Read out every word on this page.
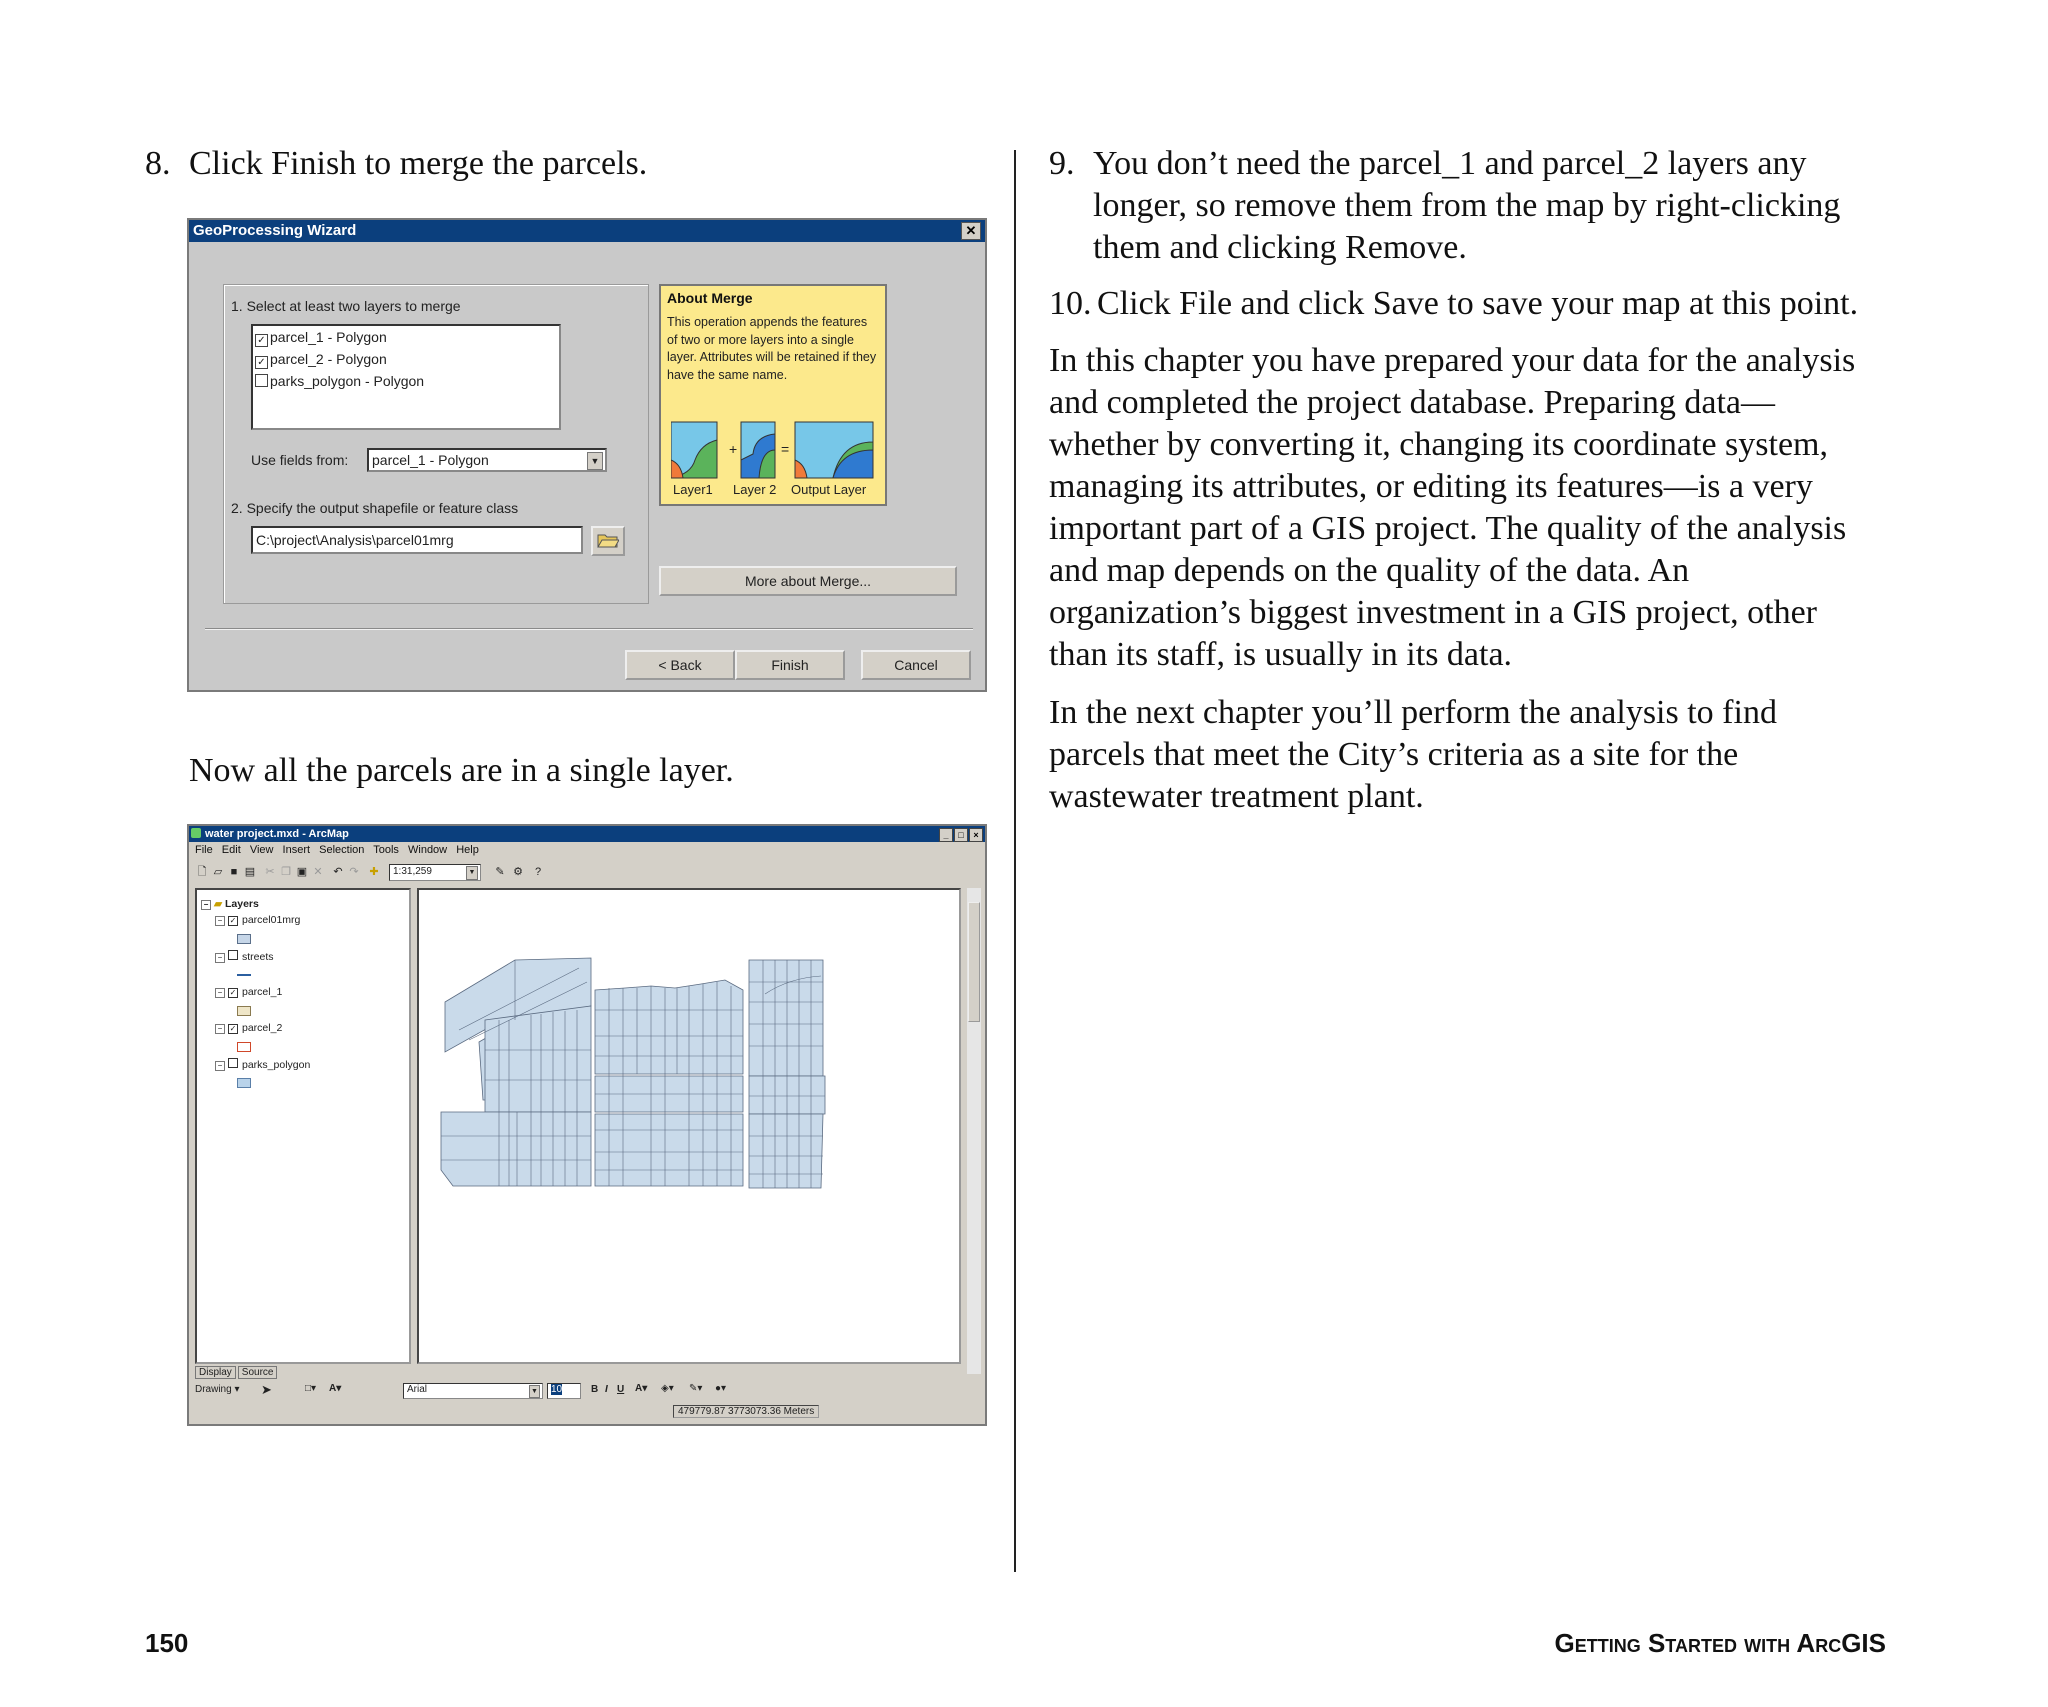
8. Click Finish to merge the parcels.
GeoProcessing Wizard	✕
1. Select at least two layers to merge
✓ parcel_1 - Polygon
✓ parcel_2 - Polygon
parks_polygon - Polygon
Use fields from:	parcel_1 - Polygon	▼
2. Specify the output shapefile or feature class
C:\project\Analysis\parcel01mrg
About Merge
This operation appends the features of two or more layers into a single layer. Attributes will be retained if they have the same name.
+	=
Layer1 Layer 2 Output Layer
More about Merge...
< Back	Finish	Cancel
Now all the parcels are in a single layer.
water project.mxd - ArcMap	_ □ ×
File Edit View Insert Selection Tools Window Help
🗋 ▱ ■ ▤ ✂ ❐ ▣ ✕ ↶ ↷ ✚	1:31,259	▼ ✎ ⚙	?
− ▰ Layers
− ✓ parcel01mrg
− streets
− ✓ parcel_1
− ✓ parcel_2
− parks_polygon
Display Source
Drawing ▾ ➤	□▾ A▾	Arial	▼	10	B I U A▾ ◈▾ ✎▾ ●▾
479779.87 3773073.36 Meters
9. You don’t need the parcel_1 and parcel_2 layers any
longer, so remove them from the map by right-clicking
them and clicking Remove.
10. Click File and click Save to save your map at this point.
In this chapter you have prepared your data for the analysis
and completed the project database. Preparing data—
whether by converting it, changing its coordinate system,
managing its attributes, or editing its features—is a very
important part of a GIS project. The quality of the analysis
and map depends on the quality of the data. An
organization’s biggest investment in a GIS project, other
than its staff, is usually in its data.
In the next chapter you’ll perform the analysis to find
parcels that meet the City’s criteria as a site for the
wastewater treatment plant.
150	Getting Started with ArcGIS
